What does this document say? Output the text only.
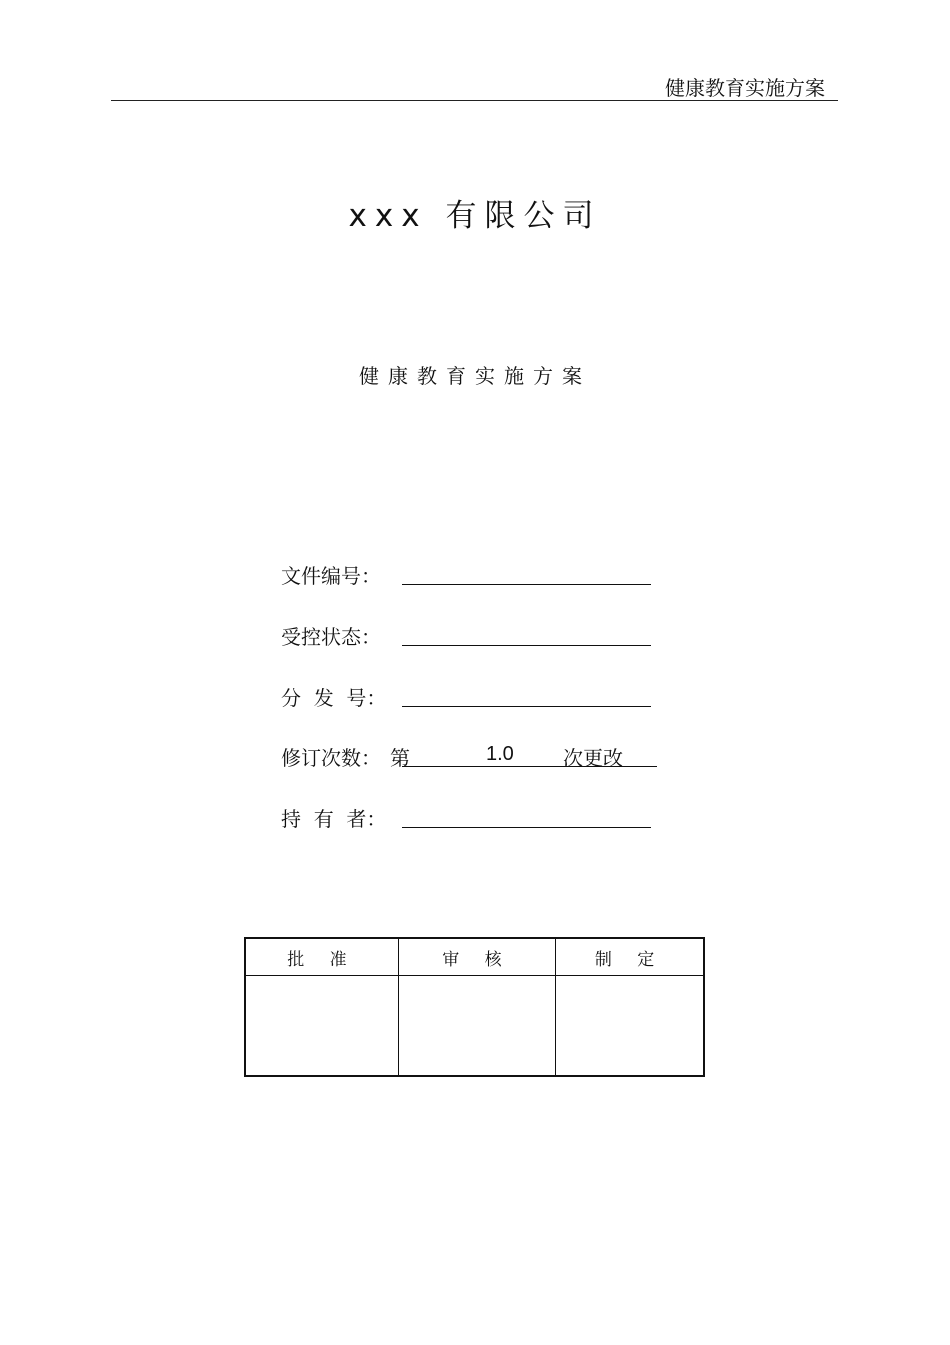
健康教育实施方案
xxx 有限公司
健康教育实施方案
文件编号：
受控状态：
分  发  号：
修订次数： 第	1.0 次更改
持  有  者：
批 准	审 核	制 定
